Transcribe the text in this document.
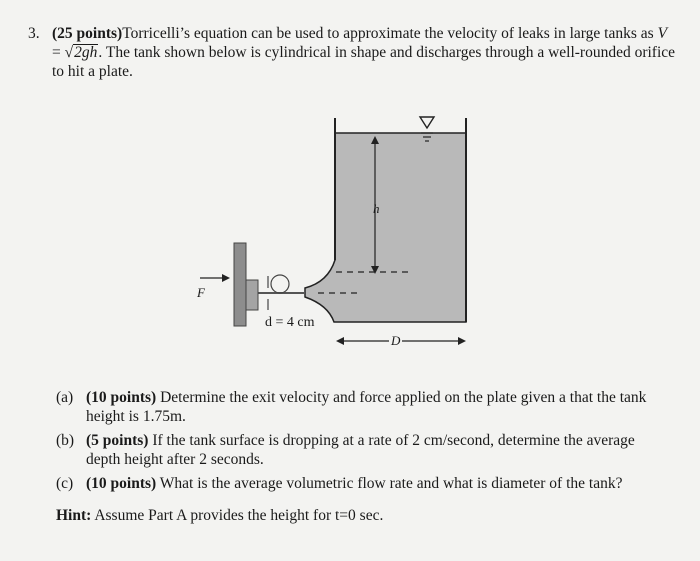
3. (25 points)Torricelli’s equation can be used to approximate the velocity of leaks in large tanks as V = √2gh. The tank shown below is cylindrical in shape and discharges through a well-rounded orifice to hit a plate.
h
F
d = 4 cm
D
(a) (10 points) Determine the exit velocity and force applied on the plate given a that the tank height is 1.75m.
(b) (5 points) If the tank surface is dropping at a rate of 2 cm/second, determine the average depth height after 2 seconds.
(c) (10 points) What is the average volumetric flow rate and what is diameter of the tank?
Hint: Assume Part A provides the height for t=0 sec.
